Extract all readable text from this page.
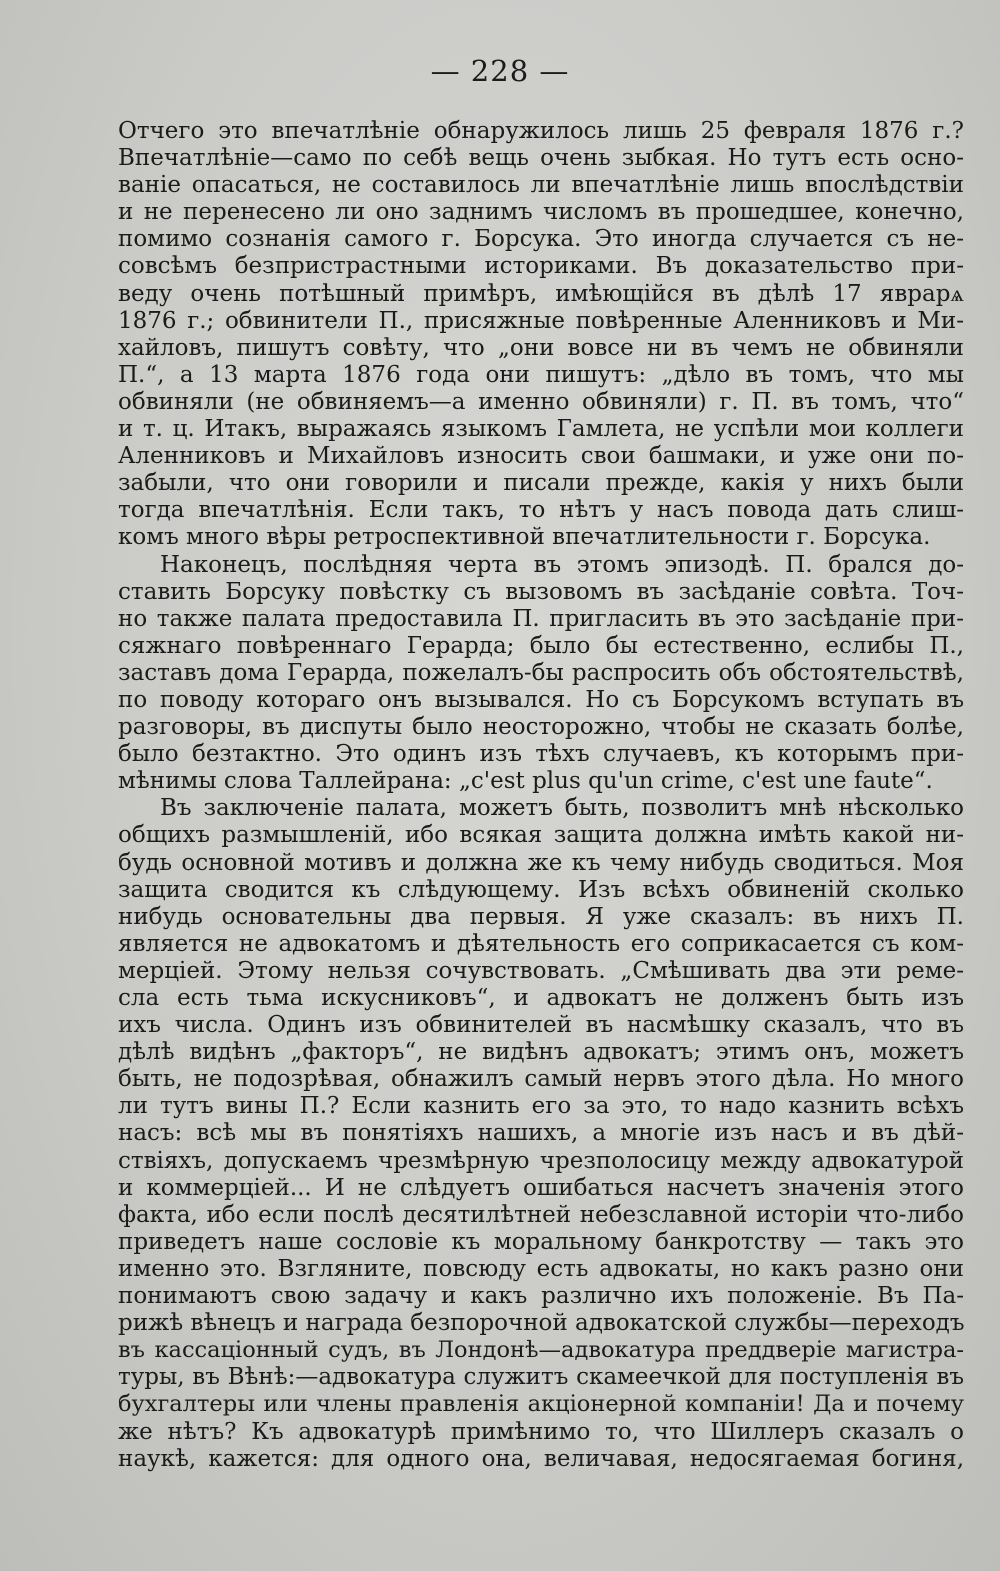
— 228 —
Отчего это впечатлѣніе обнаружилось лишь 25 февраля 1876 г.?
Впечатлѣніе—само по себѣ вещь очень зыбкая. Но тутъ есть осно-
ваніе опасаться, не составилось ли впечатлѣніе лишь впослѣдствіи
и не перенесено ли оно заднимъ числомъ въ прошедшее, конечно,
помимо сознанія самого г. Борсука. Это иногда случается съ не-
совсѣмъ безпристрастными историками. Въ доказательство при-
веду очень потѣшный примѣръ, имѣющійся въ дѣлѣ 17 яврарѧ
1876 г.; обвинители П., присяжные повѣренные Аленниковъ и Ми-
хайловъ, пишутъ совѣту, что „они вовсе ни въ чемъ не обвиняли
П.“, а 13 марта 1876 года они пишутъ: „дѣло въ томъ, что мы
обвиняли (не обвиняемъ—а именно обвиняли) г. П. въ томъ, что“
и т. ц. Итакъ, выражаясь языкомъ Гамлета, не успѣли мои коллеги
Аленниковъ и Михайловъ износить свои башмаки, и уже они по-
забыли, что они говорили и писали прежде, какія у нихъ были
тогда впечатлѣнія. Если такъ, то нѣтъ у насъ повода дать слиш-
комъ много вѣры ретроспективной впечатлительности г. Борсука.
Наконецъ, послѣдняя черта въ этомъ эпизодѣ. П. брался до-
ставить Борсуку повѣстку съ вызовомъ въ засѣданіе совѣта. Точ-
но также палата предоставила П. пригласить въ это засѣданіе при-
сяжнаго повѣреннаго Герарда; было бы естественно, еслибы П.,
заставъ дома Герарда, пожелалъ-бы распросить объ обстоятельствѣ,
по поводу котораго онъ вызывался. Но съ Борсукомъ вступать въ
разговоры, въ диспуты было неосторожно, чтобы не сказать болѣе,
было безтактно. Это одинъ изъ тѣхъ случаевъ, къ которымъ при-
мѣнимы слова Таллейрана: „c'est plus qu'un crime, c'est une faute“.
Въ заключеніе палата, можетъ быть, позволитъ мнѣ нѣсколько
общихъ размышленій, ибо всякая защита должна имѣть какой ни-
будь основной мотивъ и должна же къ чему нибудь сводиться. Моя
защита сводится къ слѣдующему. Изъ всѣхъ обвиненій сколько
нибудь основательны два первыя. Я уже сказалъ: въ нихъ П.
является не адвокатомъ и дѣятельность его соприкасается съ ком-
мерціей. Этому нельзя сочувствовать. „Смѣшивать два эти реме-
сла есть тьма искусниковъ“, и адвокатъ не долженъ быть изъ
ихъ числа. Одинъ изъ обвинителей въ насмѣшку сказалъ, что въ
дѣлѣ видѣнъ „факторъ“, не видѣнъ адвокатъ; этимъ онъ, можетъ
быть, не подозрѣвая, обнажилъ самый нервъ этого дѣла. Но много
ли тутъ вины П.? Если казнить его за это, то надо казнить всѣхъ
насъ: всѣ мы въ понятіяхъ нашихъ, а многіе изъ насъ и въ дѣй-
ствіяхъ, допускаемъ чрезмѣрную чрезполосицу между адвокатурой
и коммерціей... И не слѣдуетъ ошибаться насчетъ значенія этого
факта, ибо если послѣ десятилѣтней небезславной исторіи что-либо
приведетъ наше сословіе къ моральному банкротству — такъ это
именно это. Взгляните, повсюду есть адвокаты, но какъ разно они
понимаютъ свою задачу и какъ различно ихъ положеніе. Въ Па-
рижѣ вѣнецъ и награда безпорочной адвокатской службы—переходъ
въ кассаціонный судъ, въ Лондонѣ—адвокатура преддверіе магистра-
туры, въ Вѣнѣ:—адвокатура служитъ скамеечкой для поступленія въ
бухгалтеры или члены правленія акціонерной компаніи! Да и почему
же нѣтъ? Къ адвокатурѣ примѣнимо то, что Шиллеръ сказалъ о
наукѣ, кажется: для одного она, величавая, недосягаемая богиня,
